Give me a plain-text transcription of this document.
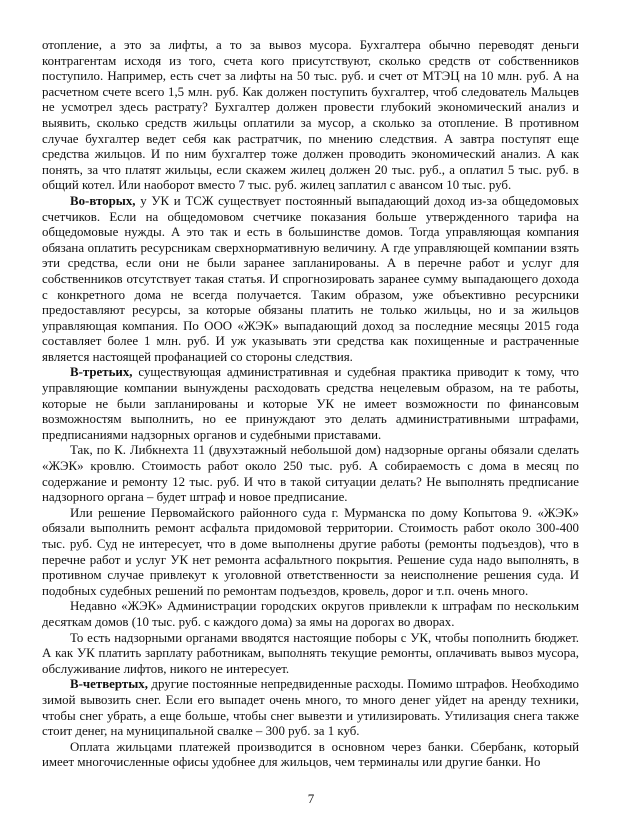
отопление, а это за лифты, а то за вывоз мусора. Бухгалтера обычно переводят деньги контрагентам исходя из того, счета кого присутствуют, сколько средств от собственников поступило. Например, есть счет за лифты на 50 тыс. руб. и счет от МТЭЦ на 10 млн. руб. А на расчетном счете всего 1,5 млн. руб. Как должен поступить бухгалтер, чтоб следователь Мальцев не усмотрел здесь растрату? Бухгалтер должен провести глубокий экономический анализ и выявить, сколько средств жильцы оплатили за мусор, а сколько за отопление. В противном случае бухгалтер ведет себя как растратчик, по мнению следствия. А завтра поступят еще средства жильцов. И по ним бухгалтер тоже должен проводить экономический анализ. А как понять, за что платят жильцы, если скажем жилец должен 20 тыс. руб., а оплатил 5 тыс. руб. в общий котел. Или наоборот вместо 7 тыс. руб. жилец заплатил с авансом 10 тыс. руб.

Во-вторых, у УК и ТСЖ существует постоянный выпадающий доход из-за общедомовых счетчиков. Если на общедомовом счетчике показания больше утвержденного тарифа на общедомовые нужды. А это так и есть в большинстве домов. Тогда управляющая компания обязана оплатить ресурсникам сверхнормативную величину. А где управляющей компании взять эти средства, если они не были заранее запланированы. А в перечне работ и услуг для собственников отсутствует такая статья. И спрогнозировать заранее сумму выпадающего дохода с конкретного дома не всегда получается. Таким образом, уже объективно ресурсники предоставляют ресурсы, за которые обязаны платить не только жильцы, но и за жильцов управляющая компания. По ООО «ЖЭК» выпадающий доход за последние месяцы 2015 года составляет более 1 млн. руб. И уж указывать эти средства как похищенные и растраченные является настоящей профанацией со стороны следствия.

В-третьих, существующая административная и судебная практика приводит к тому, что управляющие компании вынуждены расходовать средства нецелевым образом, на те работы, которые не были запланированы и которые УК не имеет возможности по финансовым возможностям выполнить, но ее принуждают это делать административными штрафами, предписаниями надзорных органов и судебными приставами.

Так, по К. Либкнехта 11 (двухэтажный небольшой дом) надзорные органы обязали сделать «ЖЭК» кровлю. Стоимость работ около 250 тыс. руб. А собираемость с дома в месяц по содержание и ремонту 12 тыс. руб. И что в такой ситуации делать? Не выполнять предписание надзорного органа – будет штраф и новое предписание.

Или решение Первомайского районного суда г. Мурманска по дому Копытова 9. «ЖЭК» обязали выполнить ремонт асфальта придомовой территории. Стоимость работ около 300-400 тыс. руб. Суд не интересует, что в доме выполнены другие работы (ремонты подъездов), что в перечне работ и услуг УК нет ремонта асфальтного покрытия. Решение суда надо выполнять, в противном случае привлекут к уголовной ответственности за неисполнение решения суда. И подобных судебных решений по ремонтам подъездов, кровель, дорог и т.п. очень много.

Недавно «ЖЭК» Администрации городских округов привлекли к штрафам по нескольким десяткам домов (10 тыс. руб. с каждого дома) за ямы на дорогах во дворах.

То есть надзорными органами вводятся настоящие поборы с УК, чтобы пополнить бюджет. А как УК платить зарплату работникам, выполнять текущие ремонты, оплачивать вывоз мусора, обслуживание лифтов, никого не интересует.

В-четвертых, другие постоянные непредвиденные расходы. Помимо штрафов. Необходимо зимой вывозить снег. Если его выпадет очень много, то много денег уйдет на аренду техники, чтобы снег убрать, а еще больше, чтобы снег вывезти и утилизировать. Утилизация снега также стоит денег, на муниципальной свалке – 300 руб. за 1 куб.

Оплата жильцами платежей производится в основном через банки. Сбербанк, который имеет многочисленные офисы удобнее для жильцов, чем терминалы или другие банки. Но

7
